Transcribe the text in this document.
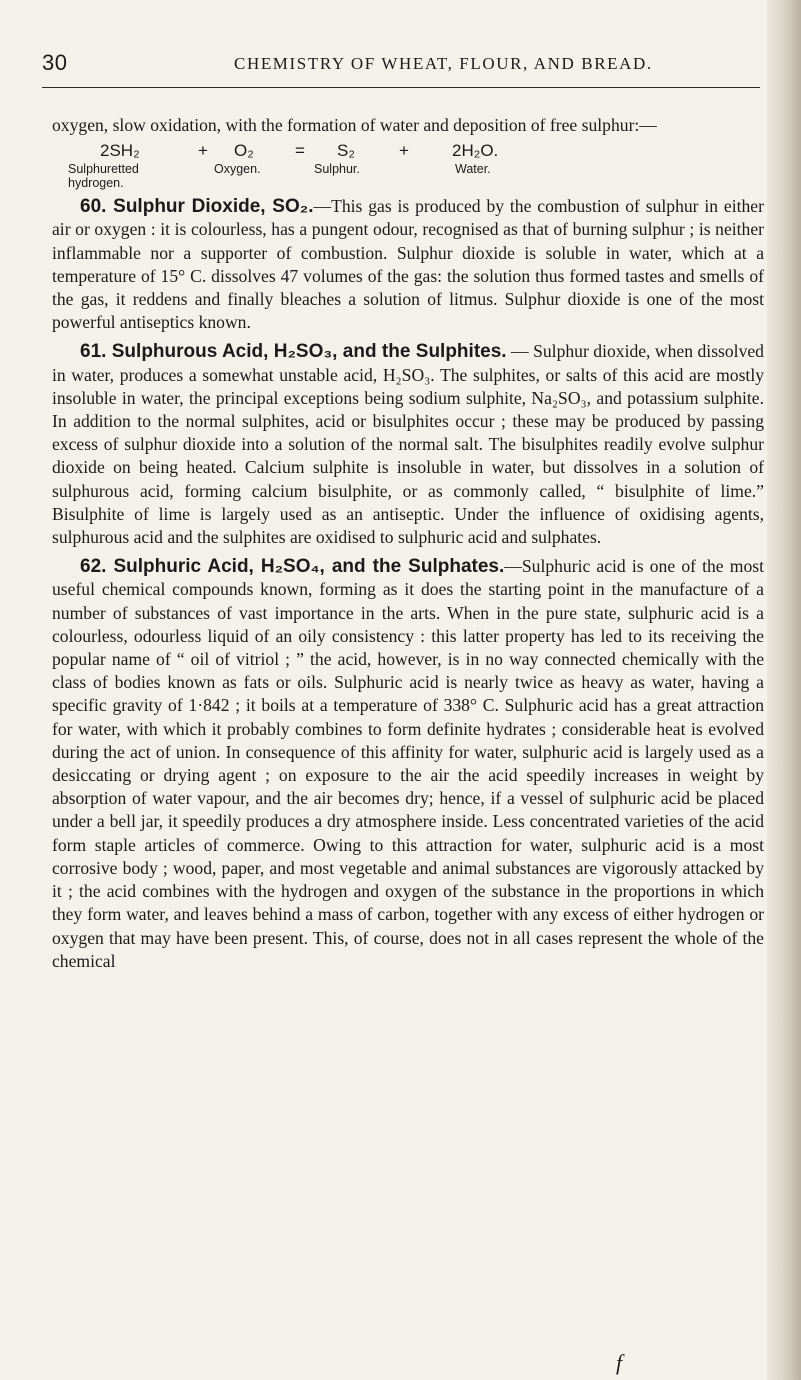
30	CHEMISTRY OF WHEAT, FLOUR, AND BREAD.

oxygen, slow oxidation, with the formation of water and deposition of free sulphur:—

2SH₂	+ O₂ = S₂	+	2H₂O.
Sulphuretted
hydrogen.
Oxygen.	Sulphur.	Water.

60. Sulphur Dioxide, SO₂.—This gas is produced by the combustion of sulphur in either air or oxygen : it is colourless, has a pungent odour, recognised as that of burning sulphur ; is neither inflammable nor a supporter of combustion. Sulphur dioxide is soluble in water, which at a temperature of 15° C. dissolves 47 volumes of the gas: the solution thus formed tastes and smells of the gas, it reddens and finally bleaches a solution of litmus. Sulphur dioxide is one of the most powerful antiseptics known.

61. Sulphurous Acid, H₂SO₃, and the Sulphites. — Sulphur dioxide, when dissolved in water, produces a somewhat unstable acid, H₂SO₃. The sulphites, or salts of this acid are mostly insoluble in water, the principal exceptions being sodium sulphite, Na₂SO₃, and potassium sulphite. In addition to the normal sulphites, acid or bisulphites occur ; these may be produced by passing excess of sulphur dioxide into a solution of the normal salt. The bisulphites readily evolve sulphur dioxide on being heated. Calcium sulphite is insoluble in water, but dissolves in a solution of sulphurous acid, forming calcium bisulphite, or as commonly called, “ bisulphite of lime.” Bisulphite of lime is largely used as an antiseptic. Under the influence of oxidising agents, sulphurous acid and the sulphites are oxidised to sulphuric acid and sulphates.

62. Sulphuric Acid, H₂SO₄, and the Sulphates.—Sulphuric acid is one of the most useful chemical compounds known, forming as it does the starting point in the manufacture of a number of substances of vast importance in the arts. When in the pure state, sulphuric acid is a colourless, odourless liquid of an oily consistency : this latter property has led to its receiving the popular name of “ oil of vitriol ; ” the acid, however, is in no way connected chemically with the class of bodies known as fats or oils. Sulphuric acid is nearly twice as heavy as water, having a specific gravity of 1·842 ; it boils at a temperature of 338° C. Sulphuric acid has a great attraction for water, with which it probably combines to form definite hydrates ; considerable heat is evolved during the act of union. In consequence of this affinity for water, sulphuric acid is largely used as a desiccating or drying agent ; on exposure to the air the acid speedily increases in weight by absorption of water vapour, and the air becomes dry; hence, if a vessel of sulphuric acid be placed under a bell jar, it speedily produces a dry atmosphere inside. Less concentrated varieties of the acid form staple articles of commerce. Owing to this attraction for water, sulphuric acid is a most corrosive body ; wood, paper, and most vegetable and animal substances are vigorously attacked by it ; the acid combines with the hydrogen and oxygen of the substance in the proportions in which they form water, and leaves behind a mass of carbon, together with any excess of either hydrogen or oxygen that may have been present. This, of course, does not in all cases represent the whole of the chemical

f
